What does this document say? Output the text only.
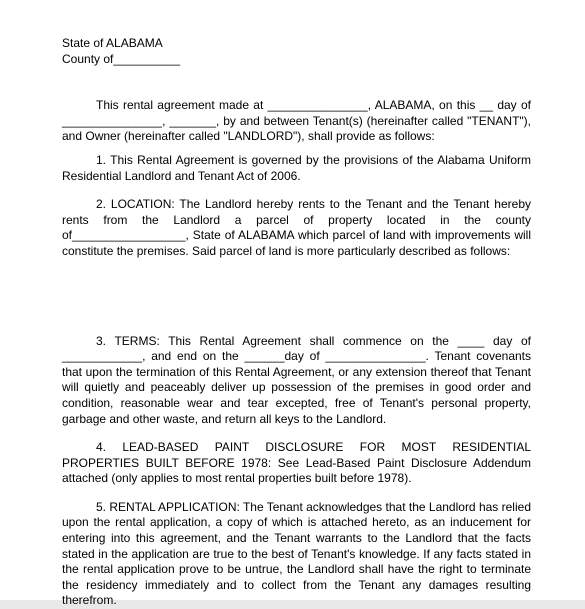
State of ALABAMA
County of__________

This rental agreement made at _______________, ALABAMA, on this __ day of _______________, _______, by and between Tenant(s) (hereinafter called "TENANT"), and Owner (hereinafter called "LANDLORD"), shall provide as follows:

1. This Rental Agreement is governed by the provisions of the Alabama Uniform Residential Landlord and Tenant Act of 2006.

2. LOCATION: The Landlord hereby rents to the Tenant and the Tenant hereby rents from the Landlord a parcel of property located in the county of_________________, State of ALABAMA which parcel of land with improvements will constitute the premises. Said parcel of land is more particularly described as follows:

3. TERMS: This Rental Agreement shall commence on the ____ day of ____________, and end on the ______day of _______________. Tenant covenants that upon the termination of this Rental Agreement, or any extension thereof that Tenant will quietly and peaceably deliver up possession of the premises in good order and condition, reasonable wear and tear excepted, free of Tenant's personal property, garbage and other waste, and return all keys to the Landlord.

4. LEAD-BASED PAINT DISCLOSURE FOR MOST RESIDENTIAL PROPERTIES BUILT BEFORE 1978: See Lead-Based Paint Disclosure Addendum attached (only applies to most rental properties built before 1978).

5. RENTAL APPLICATION: The Tenant acknowledges that the Landlord has relied upon the rental application, a copy of which is attached hereto, as an inducement for entering into this agreement, and the Tenant warrants to the Landlord that the facts stated in the application are true to the best of Tenant's knowledge. If any facts stated in the rental application prove to be untrue, the Landlord shall have the right to terminate the residency immediately and to collect from the Tenant any damages resulting therefrom.
